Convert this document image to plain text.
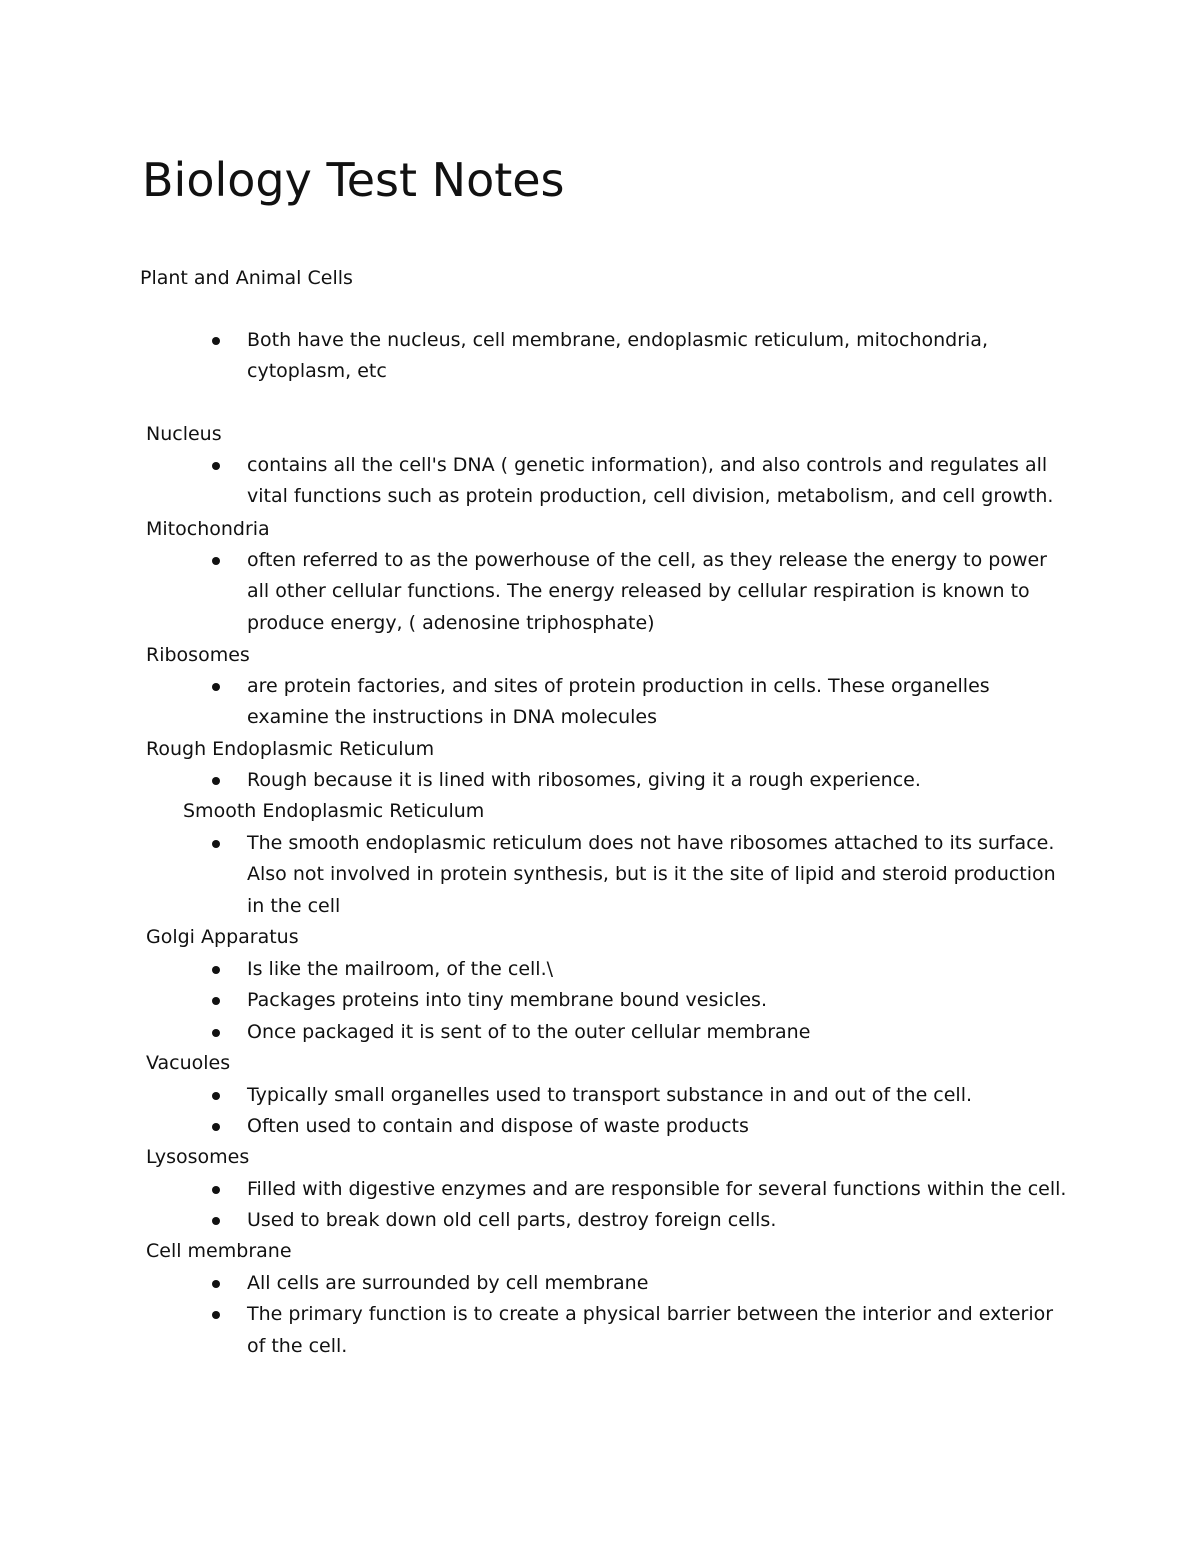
Biology Test Notes

Plant and Animal Cells

Both have the nucleus, cell membrane, endoplasmic reticulum, mitochondria, cytoplasm, etc

Nucleus

contains all the cell's DNA ( genetic information), and also controls and regulates all vital functions such as protein production, cell division, metabolism, and cell growth.

Mitochondria

often referred to as the powerhouse of the cell, as they release the energy to power all other cellular functions. The energy released by cellular respiration is known to produce energy, ( adenosine triphosphate)

Ribosomes

are protein factories, and sites of protein production in cells. These organelles examine the instructions in DNA molecules

Rough Endoplasmic Reticulum

Rough because it is lined with ribosomes, giving it a rough experience.

Smooth Endoplasmic Reticulum

The smooth endoplasmic reticulum does not have ribosomes attached to its surface. Also not involved in protein synthesis, but is it the site of lipid and steroid production in the cell

Golgi Apparatus

Is like the mailroom, of the cell.\
Packages proteins into tiny membrane bound vesicles.
Once packaged it is sent of to the outer cellular membrane

Vacuoles

Typically small organelles used to transport substance in and out of the cell.
Often used to contain and dispose of waste products

Lysosomes

Filled with digestive enzymes and are responsible for several functions within the cell.
Used to break down old cell parts, destroy foreign cells.

Cell membrane

All cells are surrounded by cell membrane
The primary function is to create a physical barrier between the interior and exterior of the cell.
